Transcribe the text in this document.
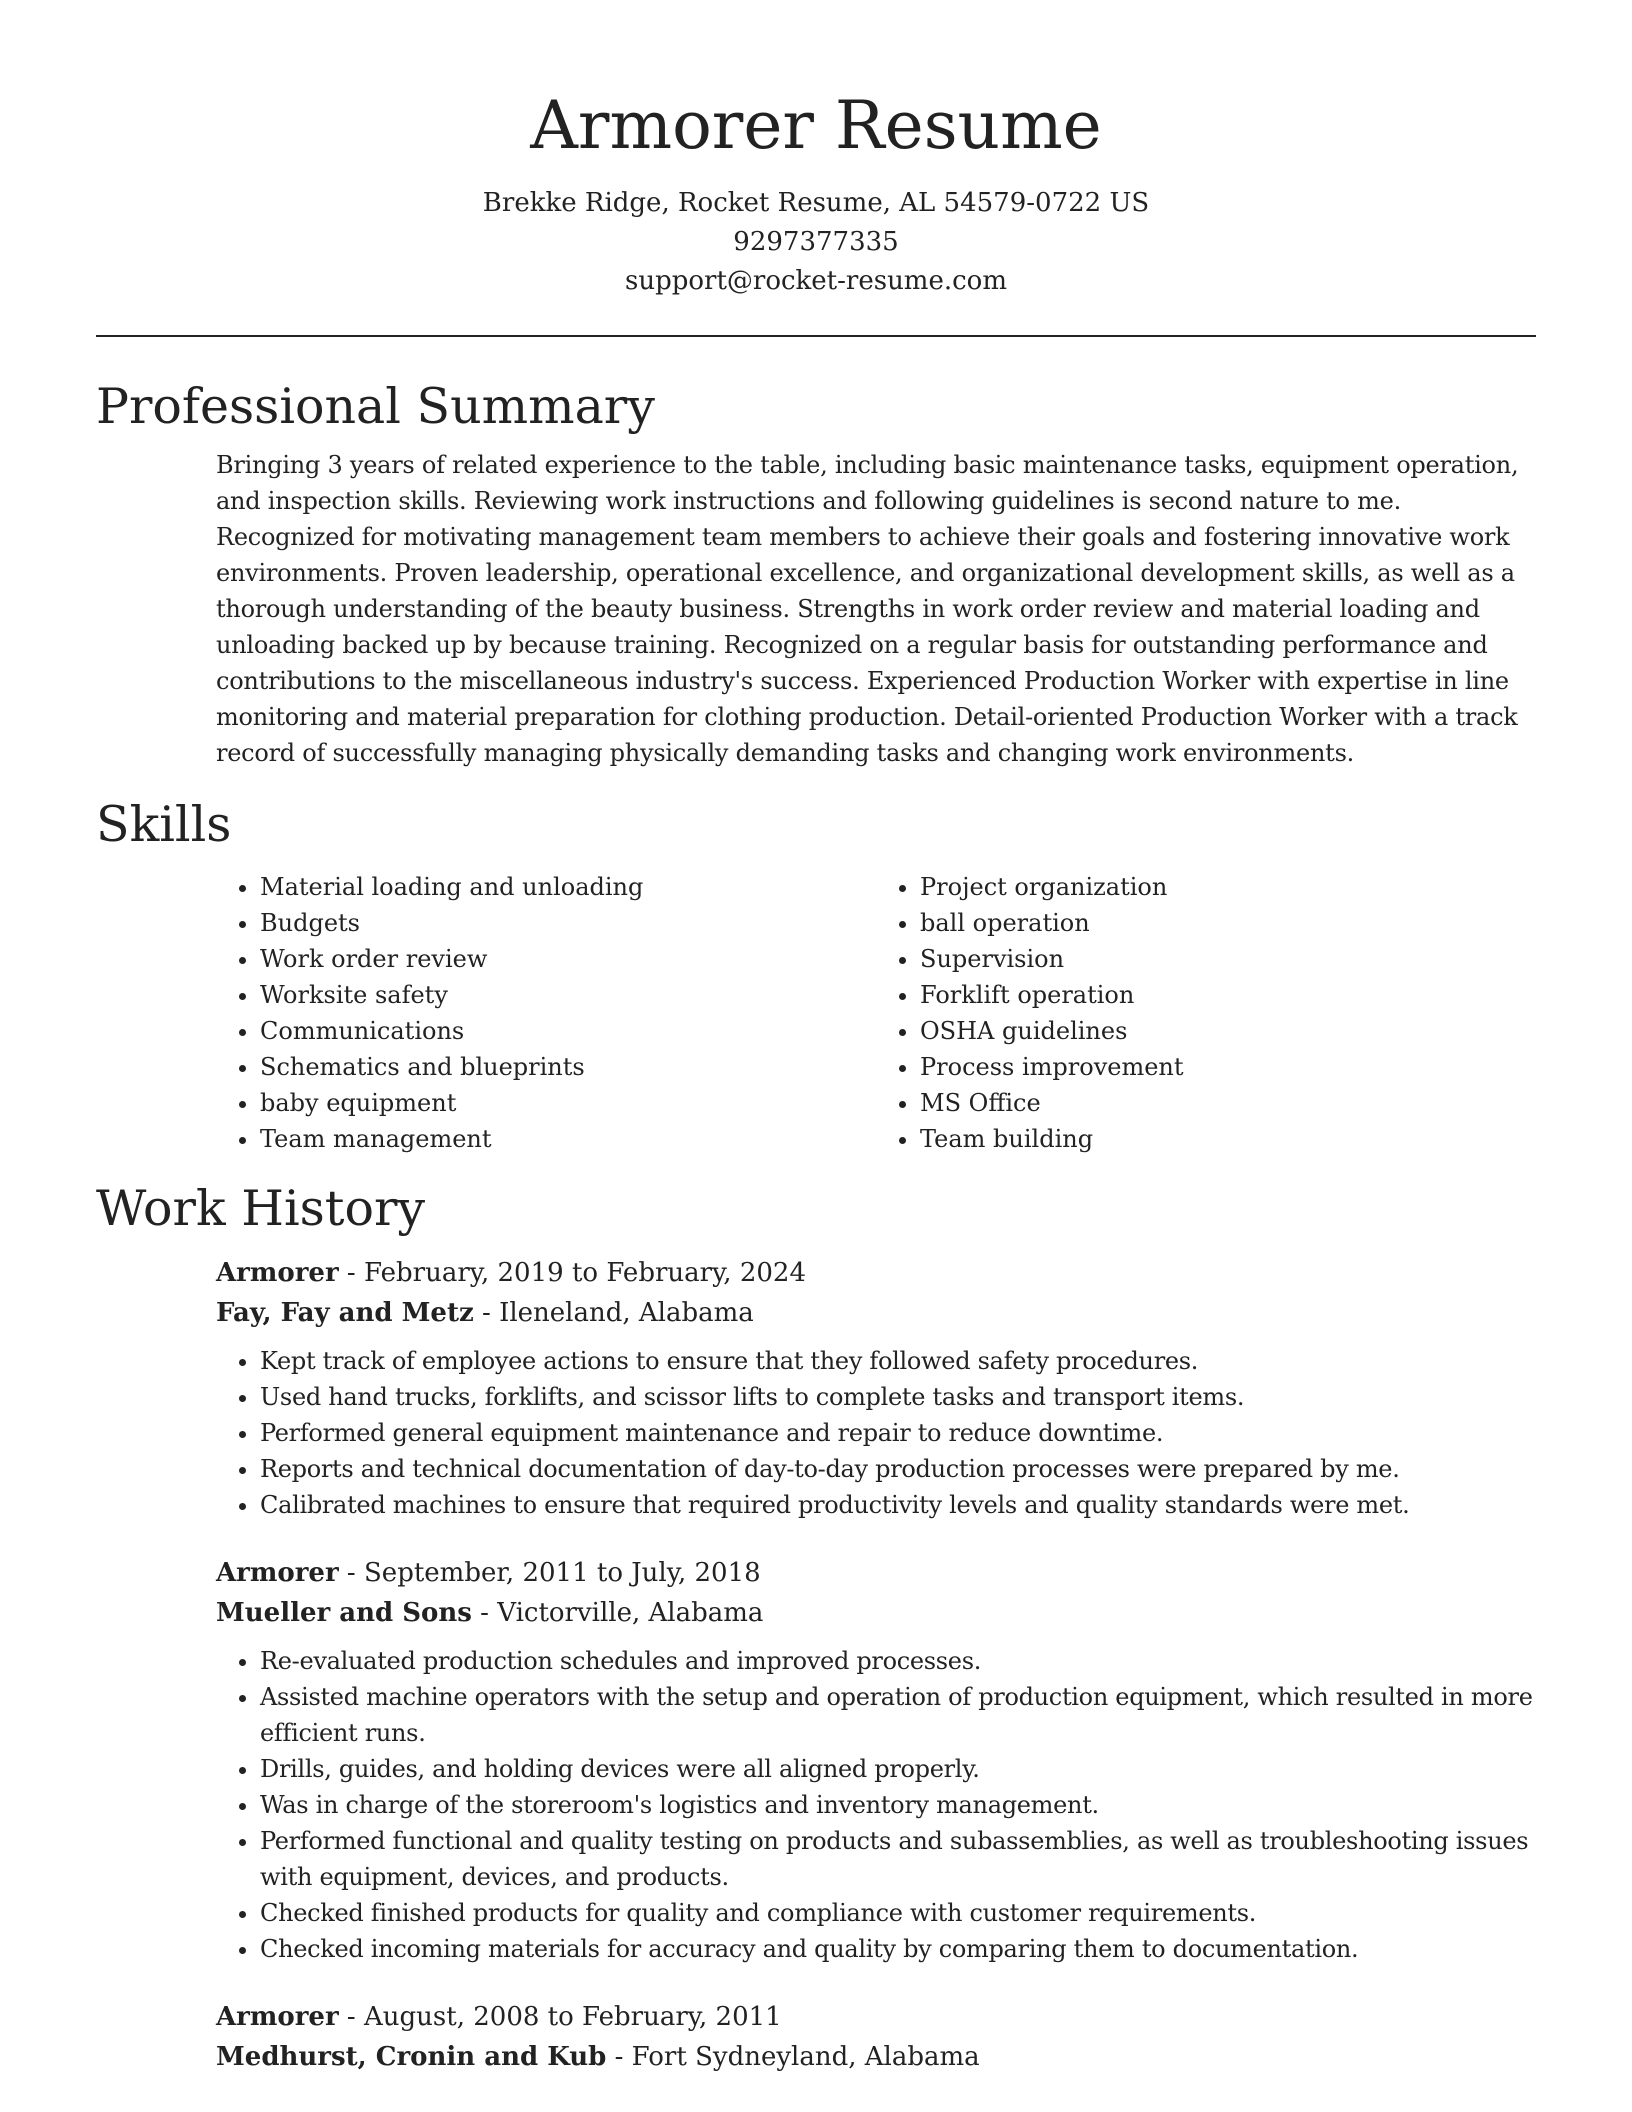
Armorer Resume

Brekke Ridge, Rocket Resume, AL 54579-0722 US

9297377335

support@rocket-resume.com

Professional Summary

Bringing 3 years of related experience to the table, including basic maintenance tasks, equipment operation, and inspection skills. Reviewing work instructions and following guidelines is second nature to me. Recognized for motivating management team members to achieve their goals and fostering innovative work environments. Proven leadership, operational excellence, and organizational development skills, as well as a thorough understanding of the beauty business. Strengths in work order review and material loading and unloading backed up by because training. Recognized on a regular basis for outstanding performance and contributions to the miscellaneous industry's success. Experienced Production Worker with expertise in line monitoring and material preparation for clothing production. Detail-oriented Production Worker with a track record of successfully managing physically demanding tasks and changing work environments.

Skills
• Material loading and unloading
• Budgets
• Work order review
• Worksite safety
• Communications
• Schematics and blueprints
• baby equipment
• Team management
• Project organization
• ball operation
• Supervision
• Forklift operation
• OSHA guidelines
• Process improvement
• MS Office
• Team building
Work History

Armorer - February, 2019 to February, 2024

Fay, Fay and Metz - Ileneland, Alabama

• Kept track of employee actions to ensure that they followed safety procedures.
• Used hand trucks, forklifts, and scissor lifts to complete tasks and transport items.
• Performed general equipment maintenance and repair to reduce downtime.
• Reports and technical documentation of day-to-day production processes were prepared by me.
• Calibrated machines to ensure that required productivity levels and quality standards were met.

Armorer - September, 2011 to July, 2018

Mueller and Sons - Victorville, Alabama

• Re-evaluated production schedules and improved processes.
• Assisted machine operators with the setup and operation of production equipment, which resulted in more efficient runs.
• Drills, guides, and holding devices were all aligned properly.
• Was in charge of the storeroom's logistics and inventory management.
• Performed functional and quality testing on products and subassemblies, as well as troubleshooting issues with equipment, devices, and products.
• Checked finished products for quality and compliance with customer requirements.
• Checked incoming materials for accuracy and quality by comparing them to documentation.

Armorer - August, 2008 to February, 2011

Medhurst, Cronin and Kub - Fort Sydneyland, Alabama
